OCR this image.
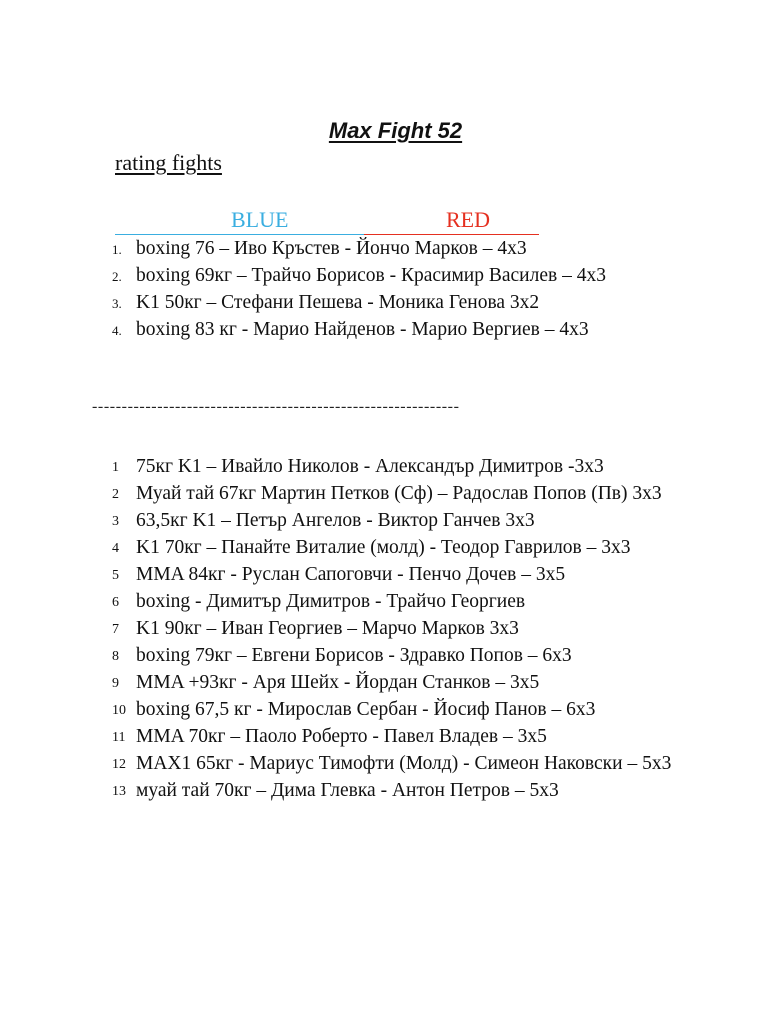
Max Fight 52
rating fights
BLUE	RED
1. boxing 76 – Иво Кръстев - Йончо Марков – 4x3
2. boxing 69кг – Трайчо Борисов - Красимир Василев – 4x3
3. K1 50кг – Стефани Пешева - Моника Генова 3x2
4. boxing 83 кг - Марио Найденов - Марио Вергиев – 4x3
--------------------------------------------------------------
1 75кг K1 – Ивайло Николов - Александър Димитров -3x3
2 Муай тай 67кг Мартин Петков (Сф) – Радослав Попов (Пв) 3x3
3 63,5кг K1 – Петър Ангелов - Виктор Ганчев 3x3
4 K1 70кг – Панайте Виталие (молд) - Теодор Гаврилов – 3x3
5 MMA 84кг - Руслан Сапоговчи - Пенчо Дочев – 3x5
6 boxing - Димитър Димитров - Трайчо Георгиев
7 K1 90кг – Иван Георгиев – Марчо Марков 3x3
8 boxing 79кг – Евгени Борисов - Здравко Попов – 6x3
9 MMA +93кг - Аря Шейх - Йордан Станков – 3x5
10 boxing 67,5 кг - Мирослав Сербан - Йосиф Панов – 6x3
11 MMA 70кг – Паоло Роберто - Павел Владев – 3x5
12 MAX1 65кг - Мариус Тимофти (Молд) - Симеон Наковски – 5x3
13 муай тай 70кг – Дима Глевка - Антон Петров – 5x3
